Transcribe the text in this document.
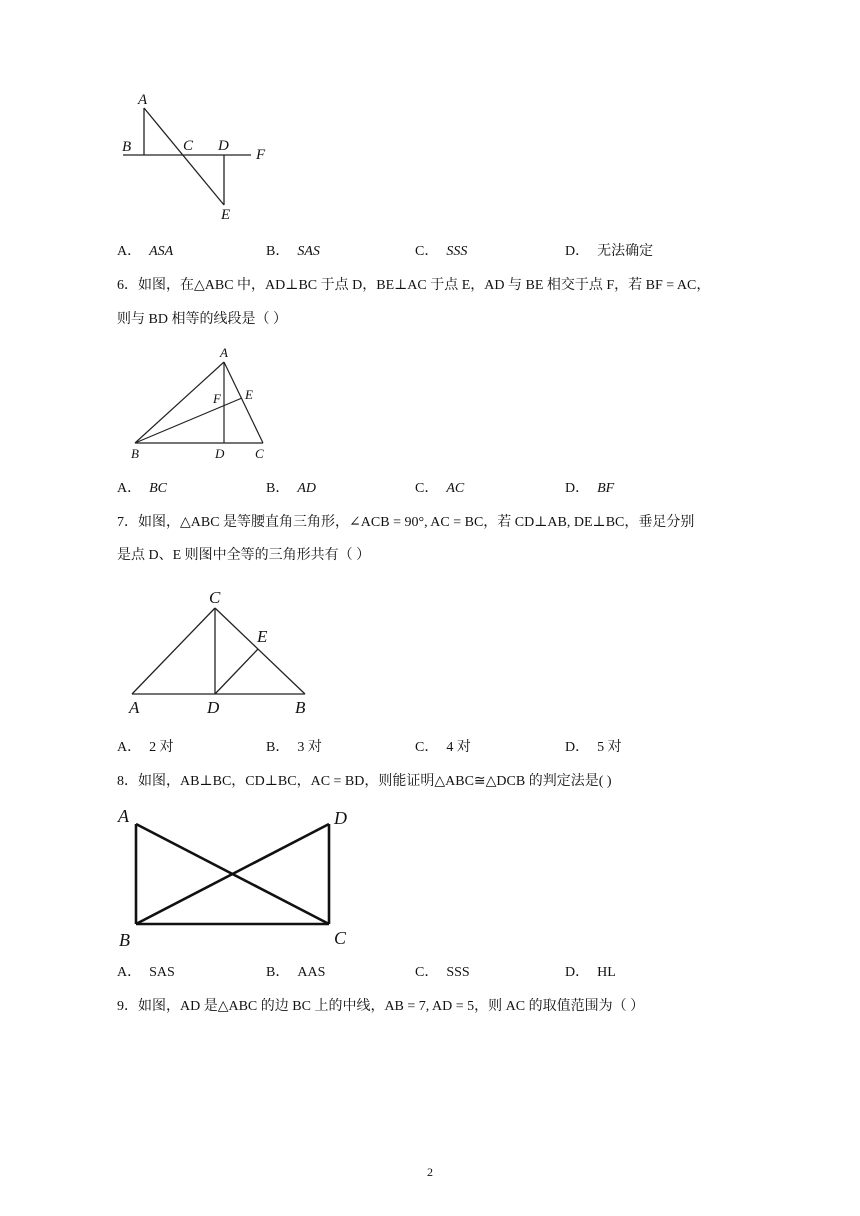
A
B	C D
F
E
A． ASA	B． SAS	C． SSS	D． 无法确定
6．如图，在△ABC 中，AD⊥BC 于点 D，BE⊥AC 于点 E，AD 与 BE 相交于点 F，若 BF = AC，
则与 BD 相等的线段是（ ）
A
E
F
B	D C
A． BC	B． AD	C． AC	D． BF
7．如图，△ABC 是等腰直角三角形，∠ACB = 90°, AC = BC，若 CD⊥AB, DE⊥BC，垂足分别
是点 D、E 则图中全等的三角形共有（ ）
C
E
A	D	B
A． 2 对	B． 3 对	C． 4 对	D． 5 对
8．如图，AB⊥BC，CD⊥BC，AC = BD，则能证明△ABC≅△DCB 的判定法是( )
A	D
B	C
A． SAS	B． AAS	C． SSS	D． HL
9．如图，AD 是△ABC 的边 BC 上的中线，AB = 7, AD = 5，则 AC 的取值范围为（ ）
2
